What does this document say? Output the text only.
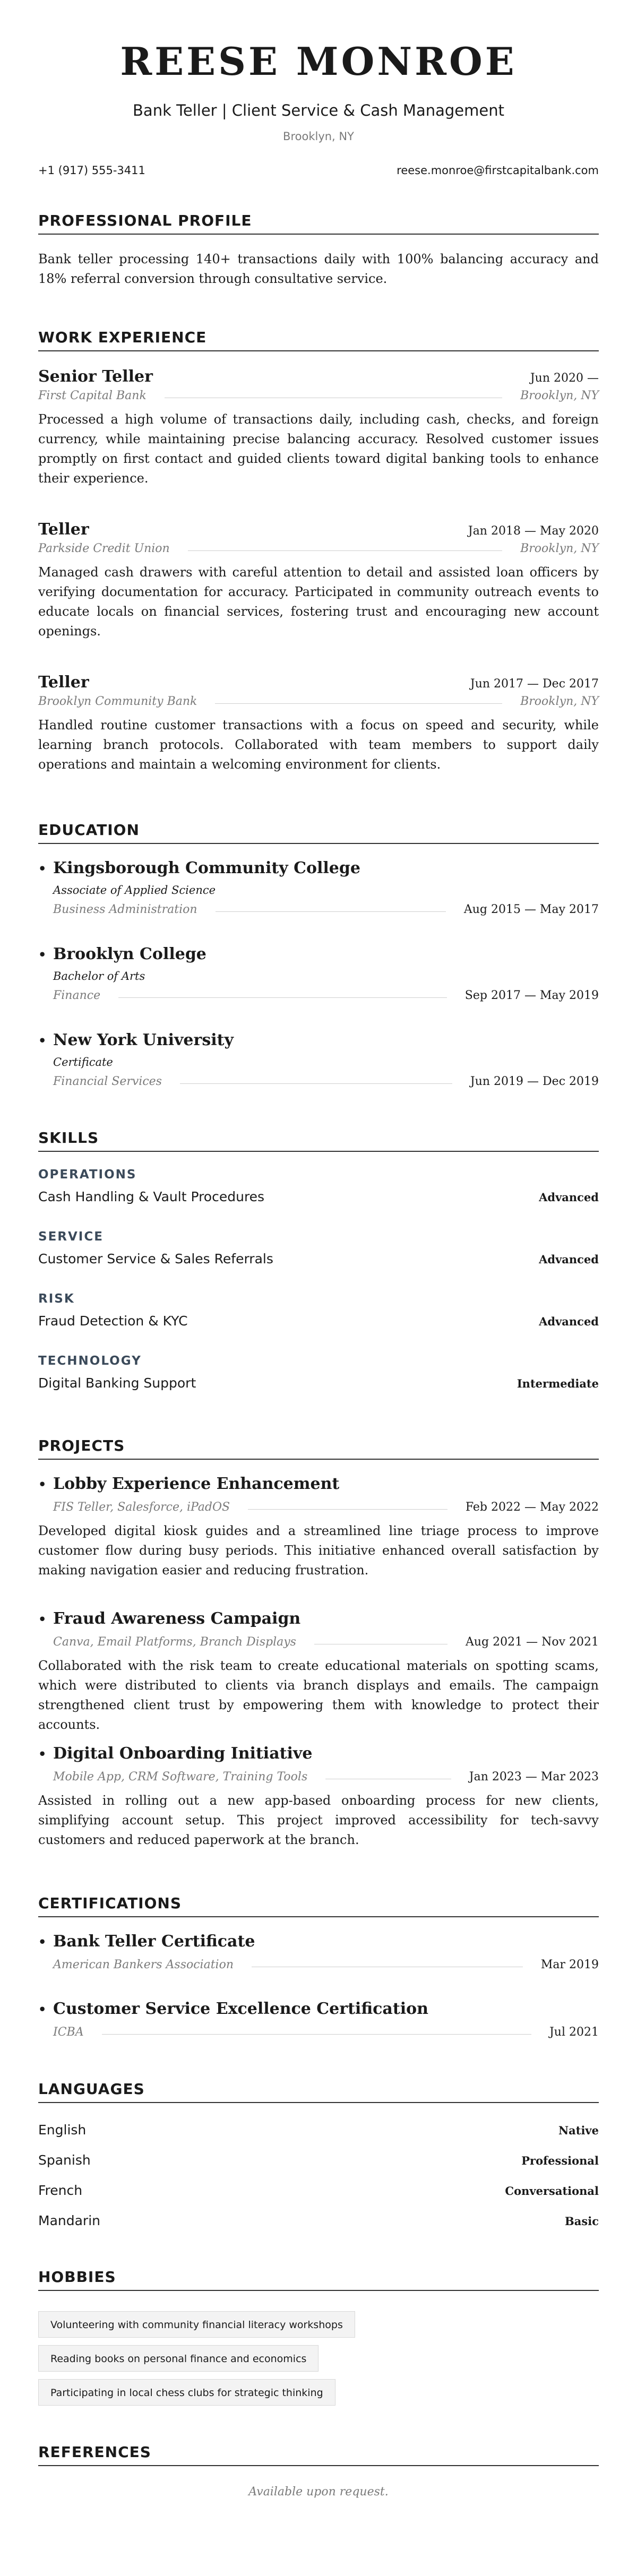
REESE MONROE
Bank Teller | Client Service & Cash Management
Brooklyn, NY
+1 (917) 555-3411	reese.monroe@firstcapitalbank.com
PROFESSIONAL PROFILE
Bank teller processing 140+ transactions daily with 100% balancing accuracy and 18% referral conversion through consultative service.
WORK EXPERIENCE
Senior Teller	Jun 2020 —
First Capital Bank	Brooklyn, NY
Processed a high volume of transactions daily, including cash, checks, and foreign currency, while maintaining precise balancing accuracy. Resolved customer issues promptly on first contact and guided clients toward digital banking tools to enhance their experience.
Teller	Jan 2018 — May 2020
Parkside Credit Union	Brooklyn, NY
Managed cash drawers with careful attention to detail and assisted loan officers by verifying documentation for accuracy. Participated in community outreach events to educate locals on financial services, fostering trust and encouraging new account openings.
Teller	Jun 2017 — Dec 2017
Brooklyn Community Bank	Brooklyn, NY
Handled routine customer transactions with a focus on speed and security, while learning branch protocols. Collaborated with team members to support daily operations and maintain a welcoming environment for clients.
EDUCATION
• Kingsborough Community College
Associate of Applied Science
Business Administration	Aug 2015 — May 2017
• Brooklyn College
Bachelor of Arts
Finance	Sep 2017 — May 2019
• New York University
Certificate
Financial Services	Jun 2019 — Dec 2019
SKILLS
OPERATIONS
Cash Handling & Vault Procedures	Advanced
SERVICE
Customer Service & Sales Referrals	Advanced
RISK
Fraud Detection & KYC	Advanced
TECHNOLOGY
Digital Banking Support	Intermediate
PROJECTS
• Lobby Experience Enhancement
FIS Teller, Salesforce, iPadOS	Feb 2022 — May 2022
Developed digital kiosk guides and a streamlined line triage process to improve customer flow during busy periods. This initiative enhanced overall satisfaction by making navigation easier and reducing frustration.
• Fraud Awareness Campaign
Canva, Email Platforms, Branch Displays	Aug 2021 — Nov 2021
Collaborated with the risk team to create educational materials on spotting scams, which were distributed to clients via branch displays and emails. The campaign strengthened client trust by empowering them with knowledge to protect their accounts.
• Digital Onboarding Initiative
Mobile App, CRM Software, Training Tools	Jan 2023 — Mar 2023
Assisted in rolling out a new app-based onboarding process for new clients, simplifying account setup. This project improved accessibility for tech-savvy customers and reduced paperwork at the branch.
CERTIFICATIONS
• Bank Teller Certificate
American Bankers Association	Mar 2019
• Customer Service Excellence Certification
ICBA	Jul 2021
LANGUAGES
English	Native
Spanish	Professional
French	Conversational
Mandarin	Basic
HOBBIES
Volunteering with community financial literacy workshops
Reading books on personal finance and economics
Participating in local chess clubs for strategic thinking
REFERENCES
Available upon request.
